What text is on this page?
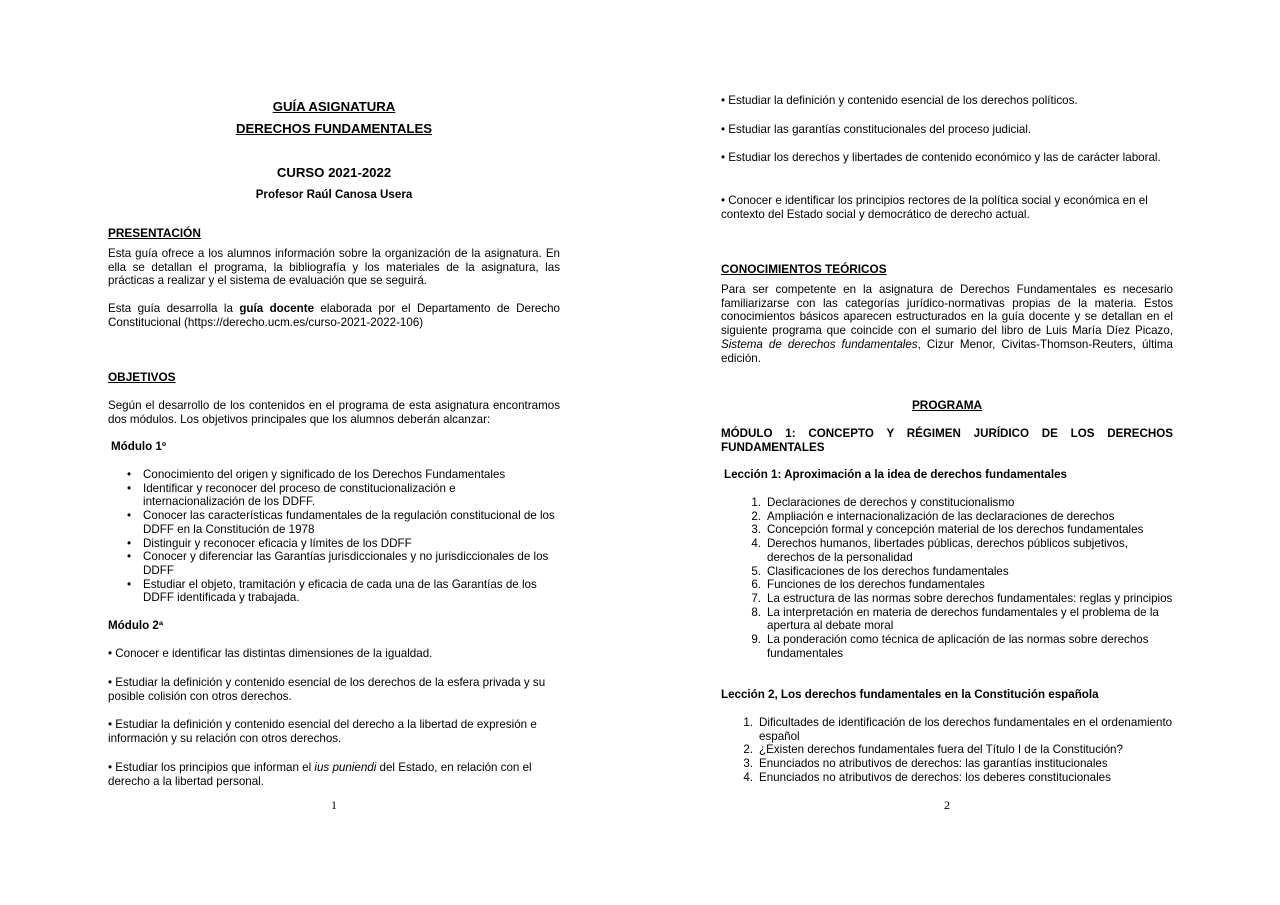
GUÍA ASIGNATURA
DERECHOS FUNDAMENTALES
CURSO 2021-2022
Profesor Raúl Canosa Usera
PRESENTACIÓN
Esta guía ofrece a los alumnos información sobre la organización de la asignatura. En ella se detallan el programa, la bibliografía y los materiales de la asignatura, las prácticas a realizar y el sistema de evaluación que se seguirá.
Esta guía desarrolla la guía docente elaborada por el Departamento de Derecho Constitucional (https://derecho.ucm.es/curso-2021-2022-106)
OBJETIVOS
Según el desarrollo de los contenidos en el programa de esta asignatura encontramos dos módulos. Los objetivos principales que los alumnos deberán alcanzar:
Módulo 1º
• Conocimiento del origen y significado de los Derechos Fundamentales
• Identificar y reconocer del proceso de constitucionalización e internacionalización de los DDFF.
• Conocer las características fundamentales de la regulación constitucional de los DDFF en la Constitución de 1978
• Distinguir y reconocer eficacia y límites de los DDFF
• Conocer y diferenciar las Garantías jurisdiccionales y no jurisdiccionales de los DDFF
• Estudiar el objeto, tramitación y eficacia de cada una de las Garantías de los DDFF identificada y trabajada.
Módulo 2ª
• Conocer e identificar las distintas dimensiones de la igualdad.
• Estudiar la definición y contenido esencial de los derechos de la esfera privada y su posible colisión con otros derechos.
• Estudiar la definición y contenido esencial del derecho a la libertad de expresión e información y su relación con otros derechos.
• Estudiar los principios que informan el ius puniendi del Estado, en relación con el derecho a la libertad personal.
1
• Estudiar la definición y contenido esencial de los derechos políticos.
• Estudiar las garantías constitucionales del proceso judicial.
• Estudiar los derechos y libertades de contenido económico y las de carácter laboral.
• Conocer e identificar los principios rectores de la política social y económica en el contexto del Estado social y democrático de derecho actual.
CONOCIMIENTOS TEÓRICOS
Para ser competente en la asignatura de Derechos Fundamentales es necesario familiarizarse con las categorías jurídico-normativas propias de la materia. Estos conocimientos básicos aparecen estructurados en la guía docente y se detallan en el siguiente programa que coincide con el sumario del libro de Luis María Díez Picazo, Sistema de derechos fundamentales, Cizur Menor, Civitas-Thomson-Reuters, última edición.
PROGRAMA
MÓDULO 1: CONCEPTO Y RÉGIMEN JURÍDICO DE LOS DERECHOS FUNDAMENTALES
Lección 1: Aproximación a la idea de derechos fundamentales
1. Declaraciones de derechos y constitucionalismo
2. Ampliación e internacionalización de las declaraciones de derechos
3. Concepción formal y concepción material de los derechos fundamentales
4. Derechos humanos, libertades públicas, derechos públicos subjetivos, derechos de la personalidad
5. Clasificaciones de los derechos fundamentales
6. Funciones de los derechos fundamentales
7. La estructura de las normas sobre derechos fundamentales: reglas y principios
8. La interpretación en materia de derechos fundamentales y el problema de la apertura al debate moral
9. La ponderación como técnica de aplicación de las normas sobre derechos fundamentales
Lección 2, Los derechos fundamentales en la Constitución española
1. Dificultades de identificación de los derechos fundamentales en el ordenamiento español
2. ¿Existen derechos fundamentales fuera del Título I de la Constitución?
3. Enunciados no atributivos de derechos: las garantías institucionales
4. Enunciados no atributivos de derechos: los deberes constitucionales
2
